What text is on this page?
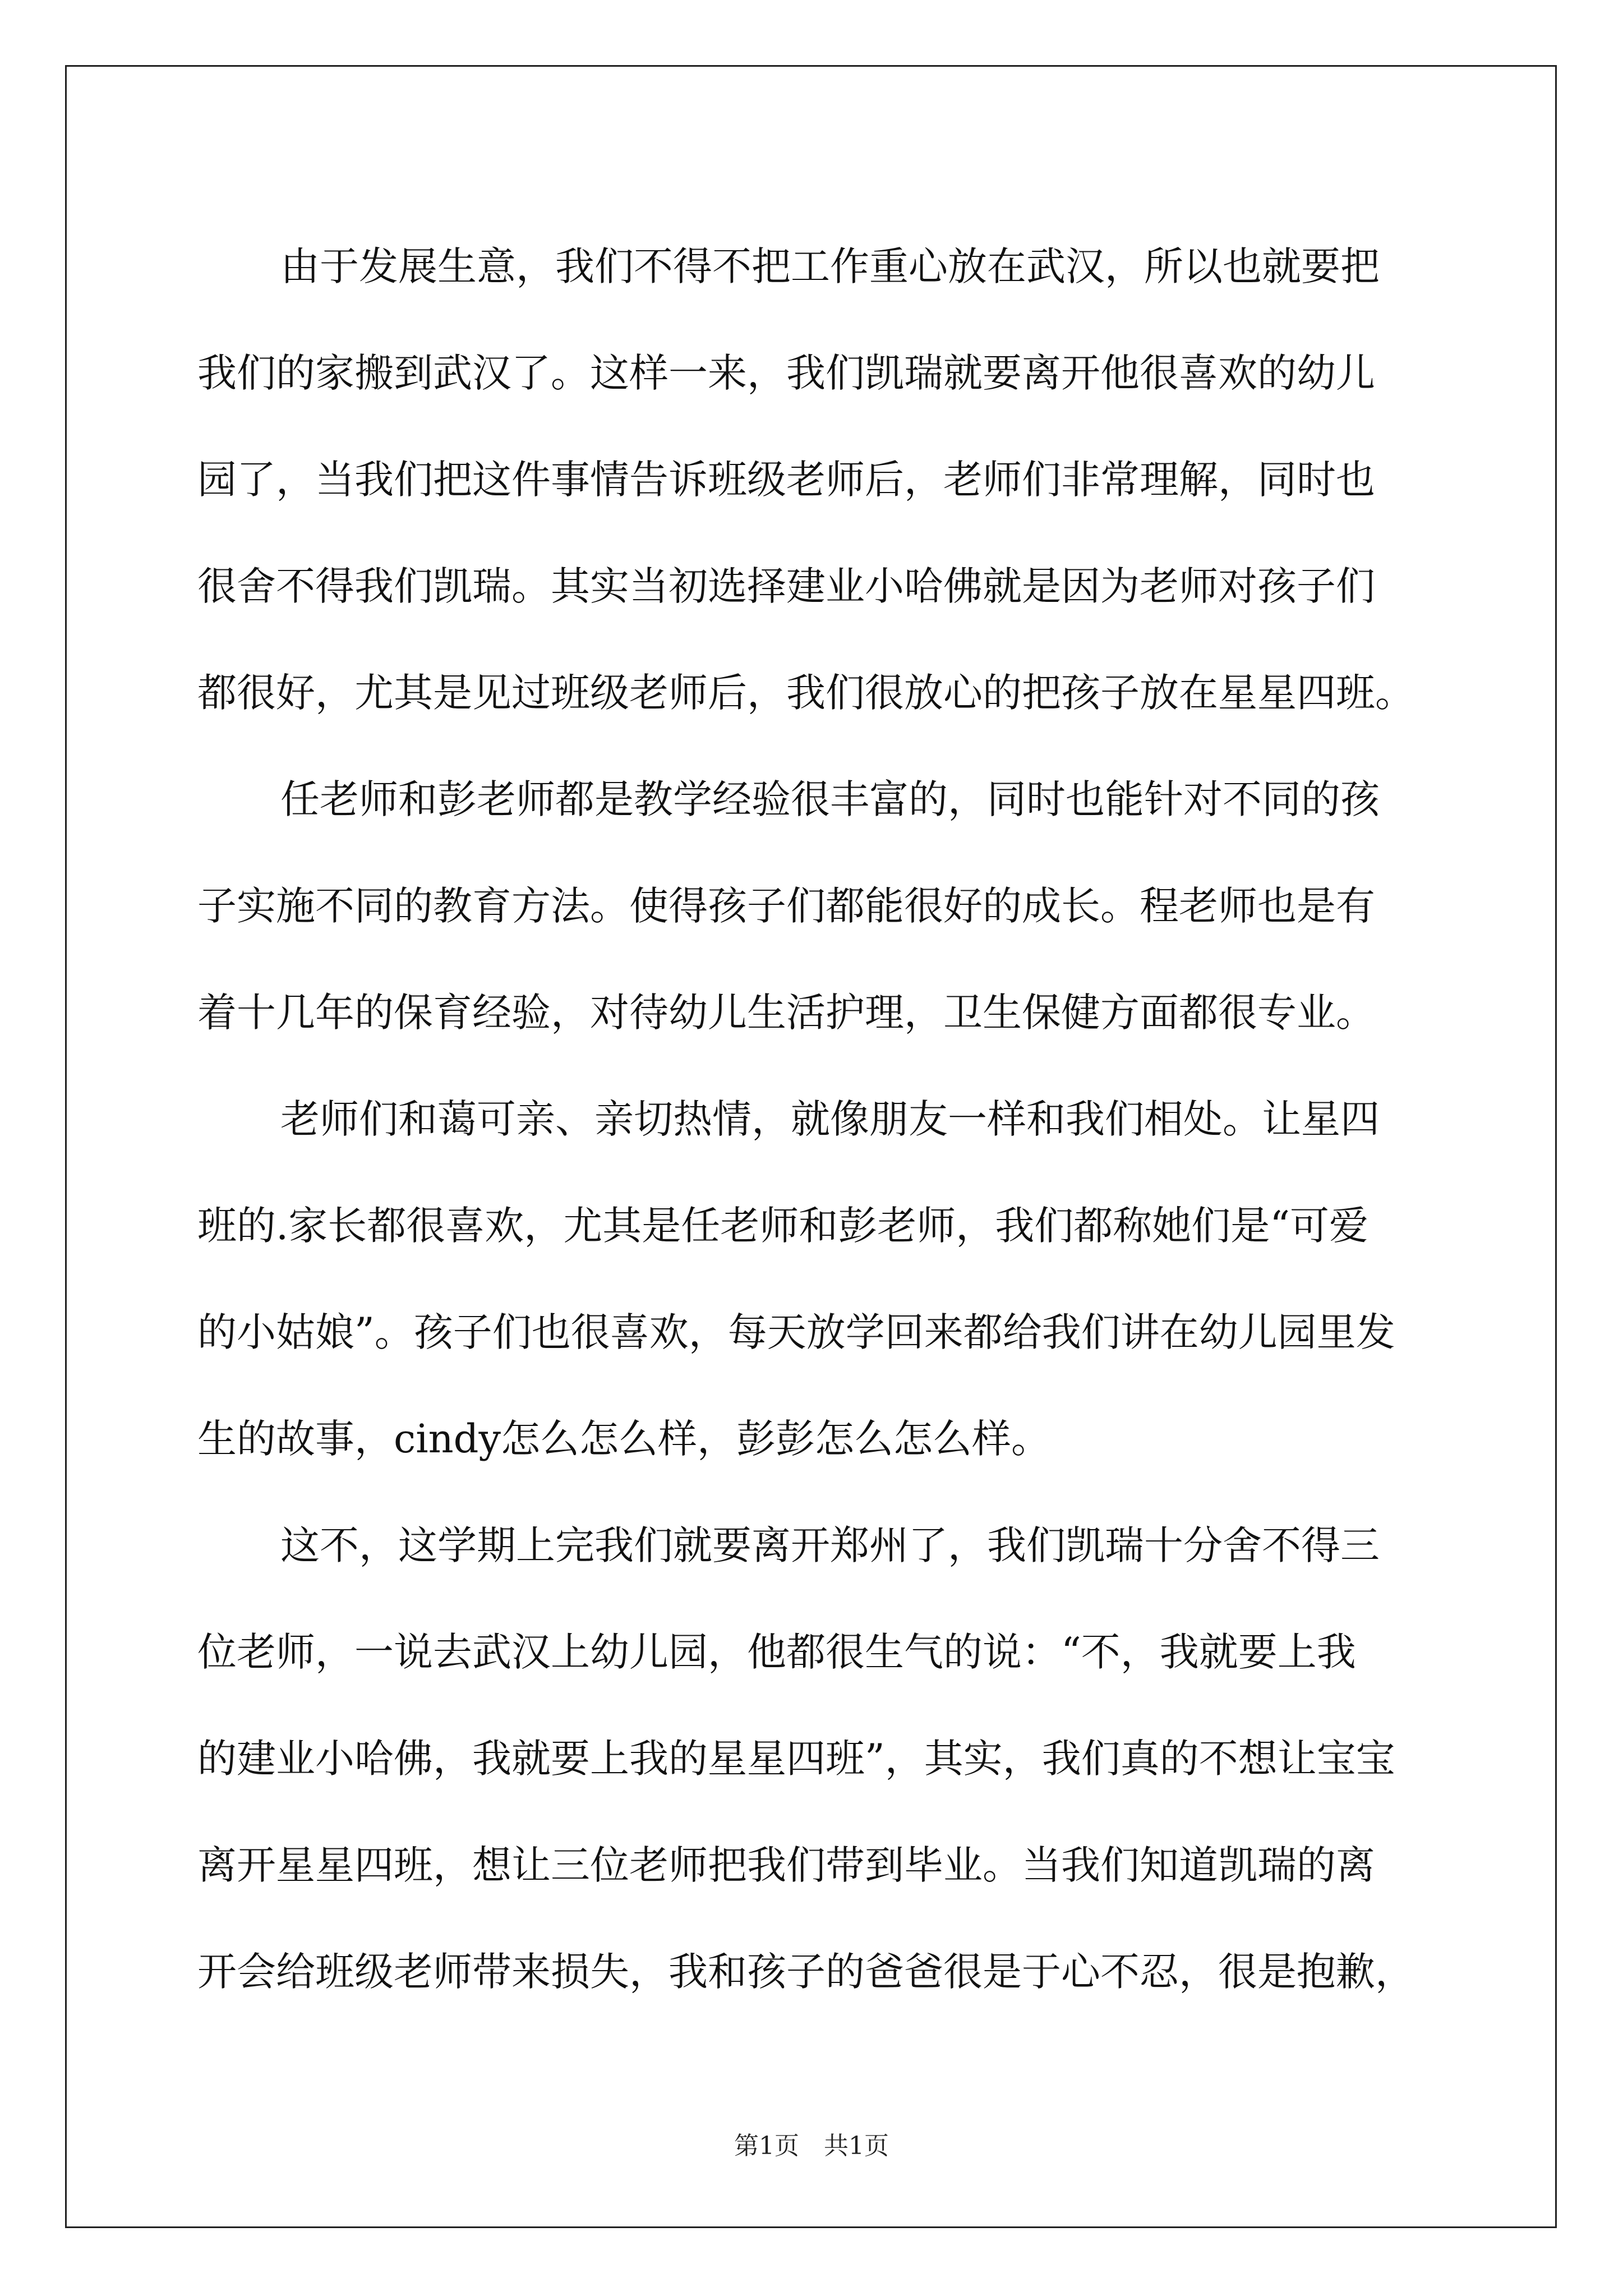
由于发展生意，我们不得不把工作重心放在武汉，所以也就要把
我们的家搬到武汉了。这样一来，我们凯瑞就要离开他很喜欢的幼儿
园了，当我们把这件事情告诉班级老师后，老师们非常理解，同时也
很舍不得我们凯瑞。其实当初选择建业小哈佛就是因为老师对孩子们
都很好，尤其是见过班级老师后，我们很放心的把孩子放在星星四班。
任老师和彭老师都是教学经验很丰富的，同时也能针对不同的孩
子实施不同的教育方法。使得孩子们都能很好的成长。程老师也是有
着十几年的保育经验，对待幼儿生活护理，卫生保健方面都很专业。
老师们和蔼可亲、亲切热情，就像朋友一样和我们相处。让星四
班的.家长都很喜欢，尤其是任老师和彭老师，我们都称她们是“可爱
的小姑娘”。孩子们也很喜欢，每天放学回来都给我们讲在幼儿园里发
生的故事，cindy怎么怎么样，彭彭怎么怎么样。
这不，这学期上完我们就要离开郑州了，我们凯瑞十分舍不得三
位老师，一说去武汉上幼儿园，他都很生气的说：“不，我就要上我
的建业小哈佛，我就要上我的星星四班”，其实，我们真的不想让宝宝
离开星星四班，想让三位老师把我们带到毕业。当我们知道凯瑞的离
开会给班级老师带来损失，我和孩子的爸爸很是于心不忍，很是抱歉，
第1页　共1页
